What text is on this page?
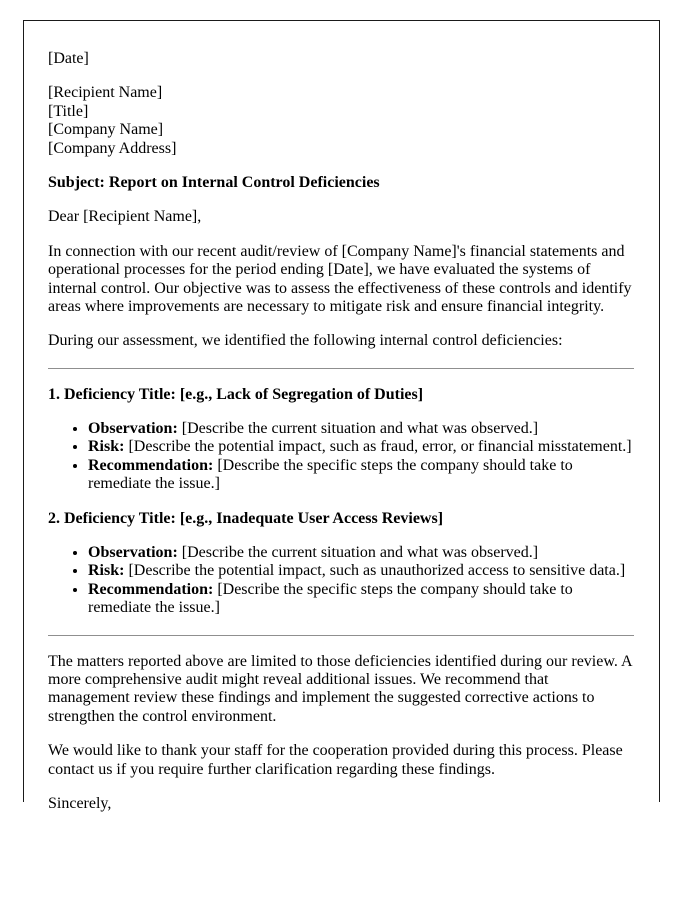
[Date]

[Recipient Name]
[Title]
[Company Name]
[Company Address]

Subject: Report on Internal Control Deficiencies

Dear [Recipient Name],

In connection with our recent audit/review of [Company Name]'s financial statements and operational processes for the period ending [Date], we have evaluated the systems of internal control. Our objective was to assess the effectiveness of these controls and identify areas where improvements are necessary to mitigate risk and ensure financial integrity.

During our assessment, we identified the following internal control deficiencies:

1. Deficiency Title: [e.g., Lack of Segregation of Duties]

• Observation: [Describe the current situation and what was observed.]
• Risk: [Describe the potential impact, such as fraud, error, or financial misstatement.]
• Recommendation: [Describe the specific steps the company should take to remediate the issue.]

2. Deficiency Title: [e.g., Inadequate User Access Reviews]

• Observation: [Describe the current situation and what was observed.]
• Risk: [Describe the potential impact, such as unauthorized access to sensitive data.]
• Recommendation: [Describe the specific steps the company should take to remediate the issue.]

The matters reported above are limited to those deficiencies identified during our review. A more comprehensive audit might reveal additional issues. We recommend that management review these findings and implement the suggested corrective actions to strengthen the control environment.

We would like to thank your staff for the cooperation provided during this process. Please contact us if you require further clarification regarding these findings.

Sincerely,
